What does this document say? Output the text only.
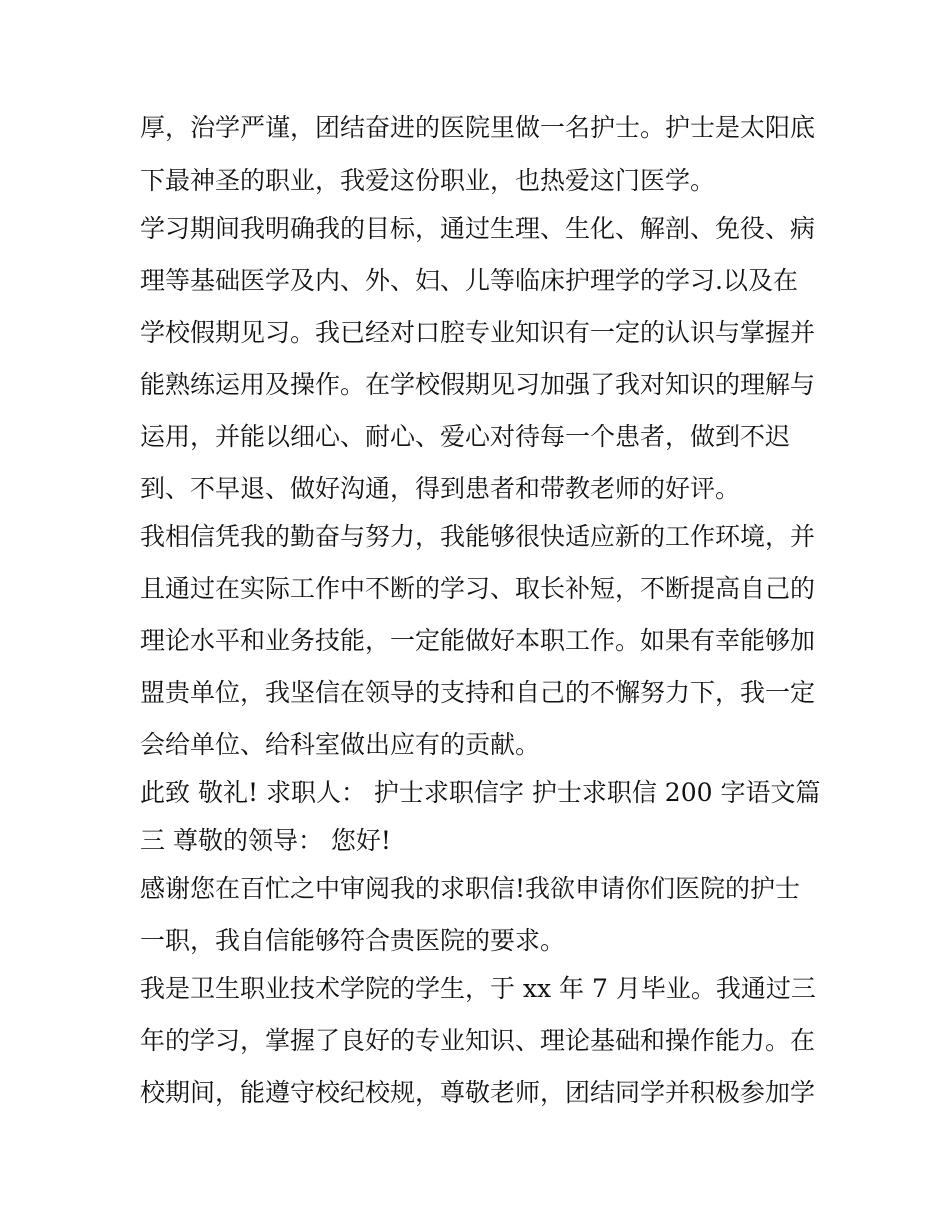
厚，治学严谨，团结奋进的医院里做一名护士。护士是太阳底
下最神圣的职业，我爱这份职业，也热爱这门医学。
学习期间我明确我的目标，通过生理、生化、解剖、免役、病
理等基础医学及内、外、妇、儿等临床护理学的学习.以及在
学校假期见习。我已经对口腔专业知识有一定的认识与掌握并
能熟练运用及操作。在学校假期见习加强了我对知识的理解与
运用，并能以细心、耐心、爱心对待每一个患者，做到不迟
到、不早退、做好沟通，得到患者和带教老师的好评。
我相信凭我的勤奋与努力，我能够很快适应新的工作环境，并
且通过在实际工作中不断的学习、取长补短，不断提高自己的
理论水平和业务技能，一定能做好本职工作。如果有幸能够加
盟贵单位，我坚信在领导的支持和自己的不懈努力下，我一定
会给单位、给科室做出应有的贡献。
此致 敬礼! 求职人： 护士求职信字 护士求职信 200 字语文篇
三 尊敬的领导： 您好!
感谢您在百忙之中审阅我的求职信!我欲申请你们医院的护士
一职，我自信能够符合贵医院的要求。
我是卫生职业技术学院的学生，于 xx 年 7 月毕业。我通过三
年的学习，掌握了良好的专业知识、理论基础和操作能力。在
校期间，能遵守校纪校规，尊敬老师，团结同学并积极参加学
